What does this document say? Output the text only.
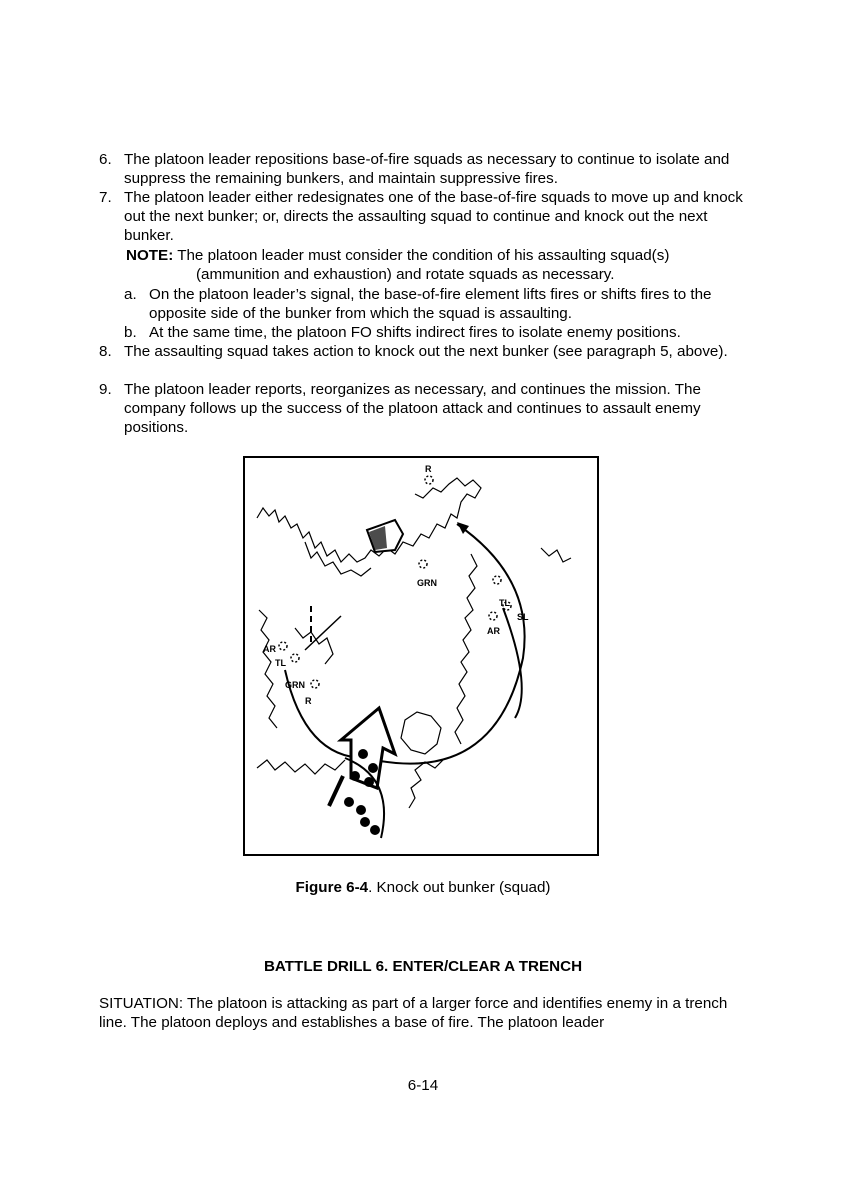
6. The platoon leader repositions base-of-fire squads as necessary to continue to isolate and suppress the remaining bunkers, and maintain suppressive fires.
7. The platoon leader either redesignates one of the base-of-fire squads to move up and knock out the next bunker; or, directs the assaulting squad to continue and knock out the next bunker.
NOTE: The platoon leader must consider the condition of his assaulting squad(s)
(ammunition and exhaustion) and rotate squads as necessary.
a. On the platoon leader’s signal, the base-of-fire element lifts fires or shifts fires to the opposite side of the bunker from which the squad is assaulting.
b. At the same time, the platoon FO shifts indirect fires to isolate enemy positions.
8. The assaulting squad takes action to knock out the next bunker (see paragraph 5, above).
9. The platoon leader reports, reorganizes as necessary, and continues the mission. The company follows up the success of the platoon attack and continues to assault enemy positions.
R
GRN
TL
SL
AR
AR
TL
GRN
R
Figure 6-4. Knock out bunker (squad)
BATTLE DRILL 6. ENTER/CLEAR A TRENCH
SITUATION: The platoon is attacking as part of a larger force and identifies enemy in a trench line. The platoon deploys and establishes a base of fire. The platoon leader
6-14
